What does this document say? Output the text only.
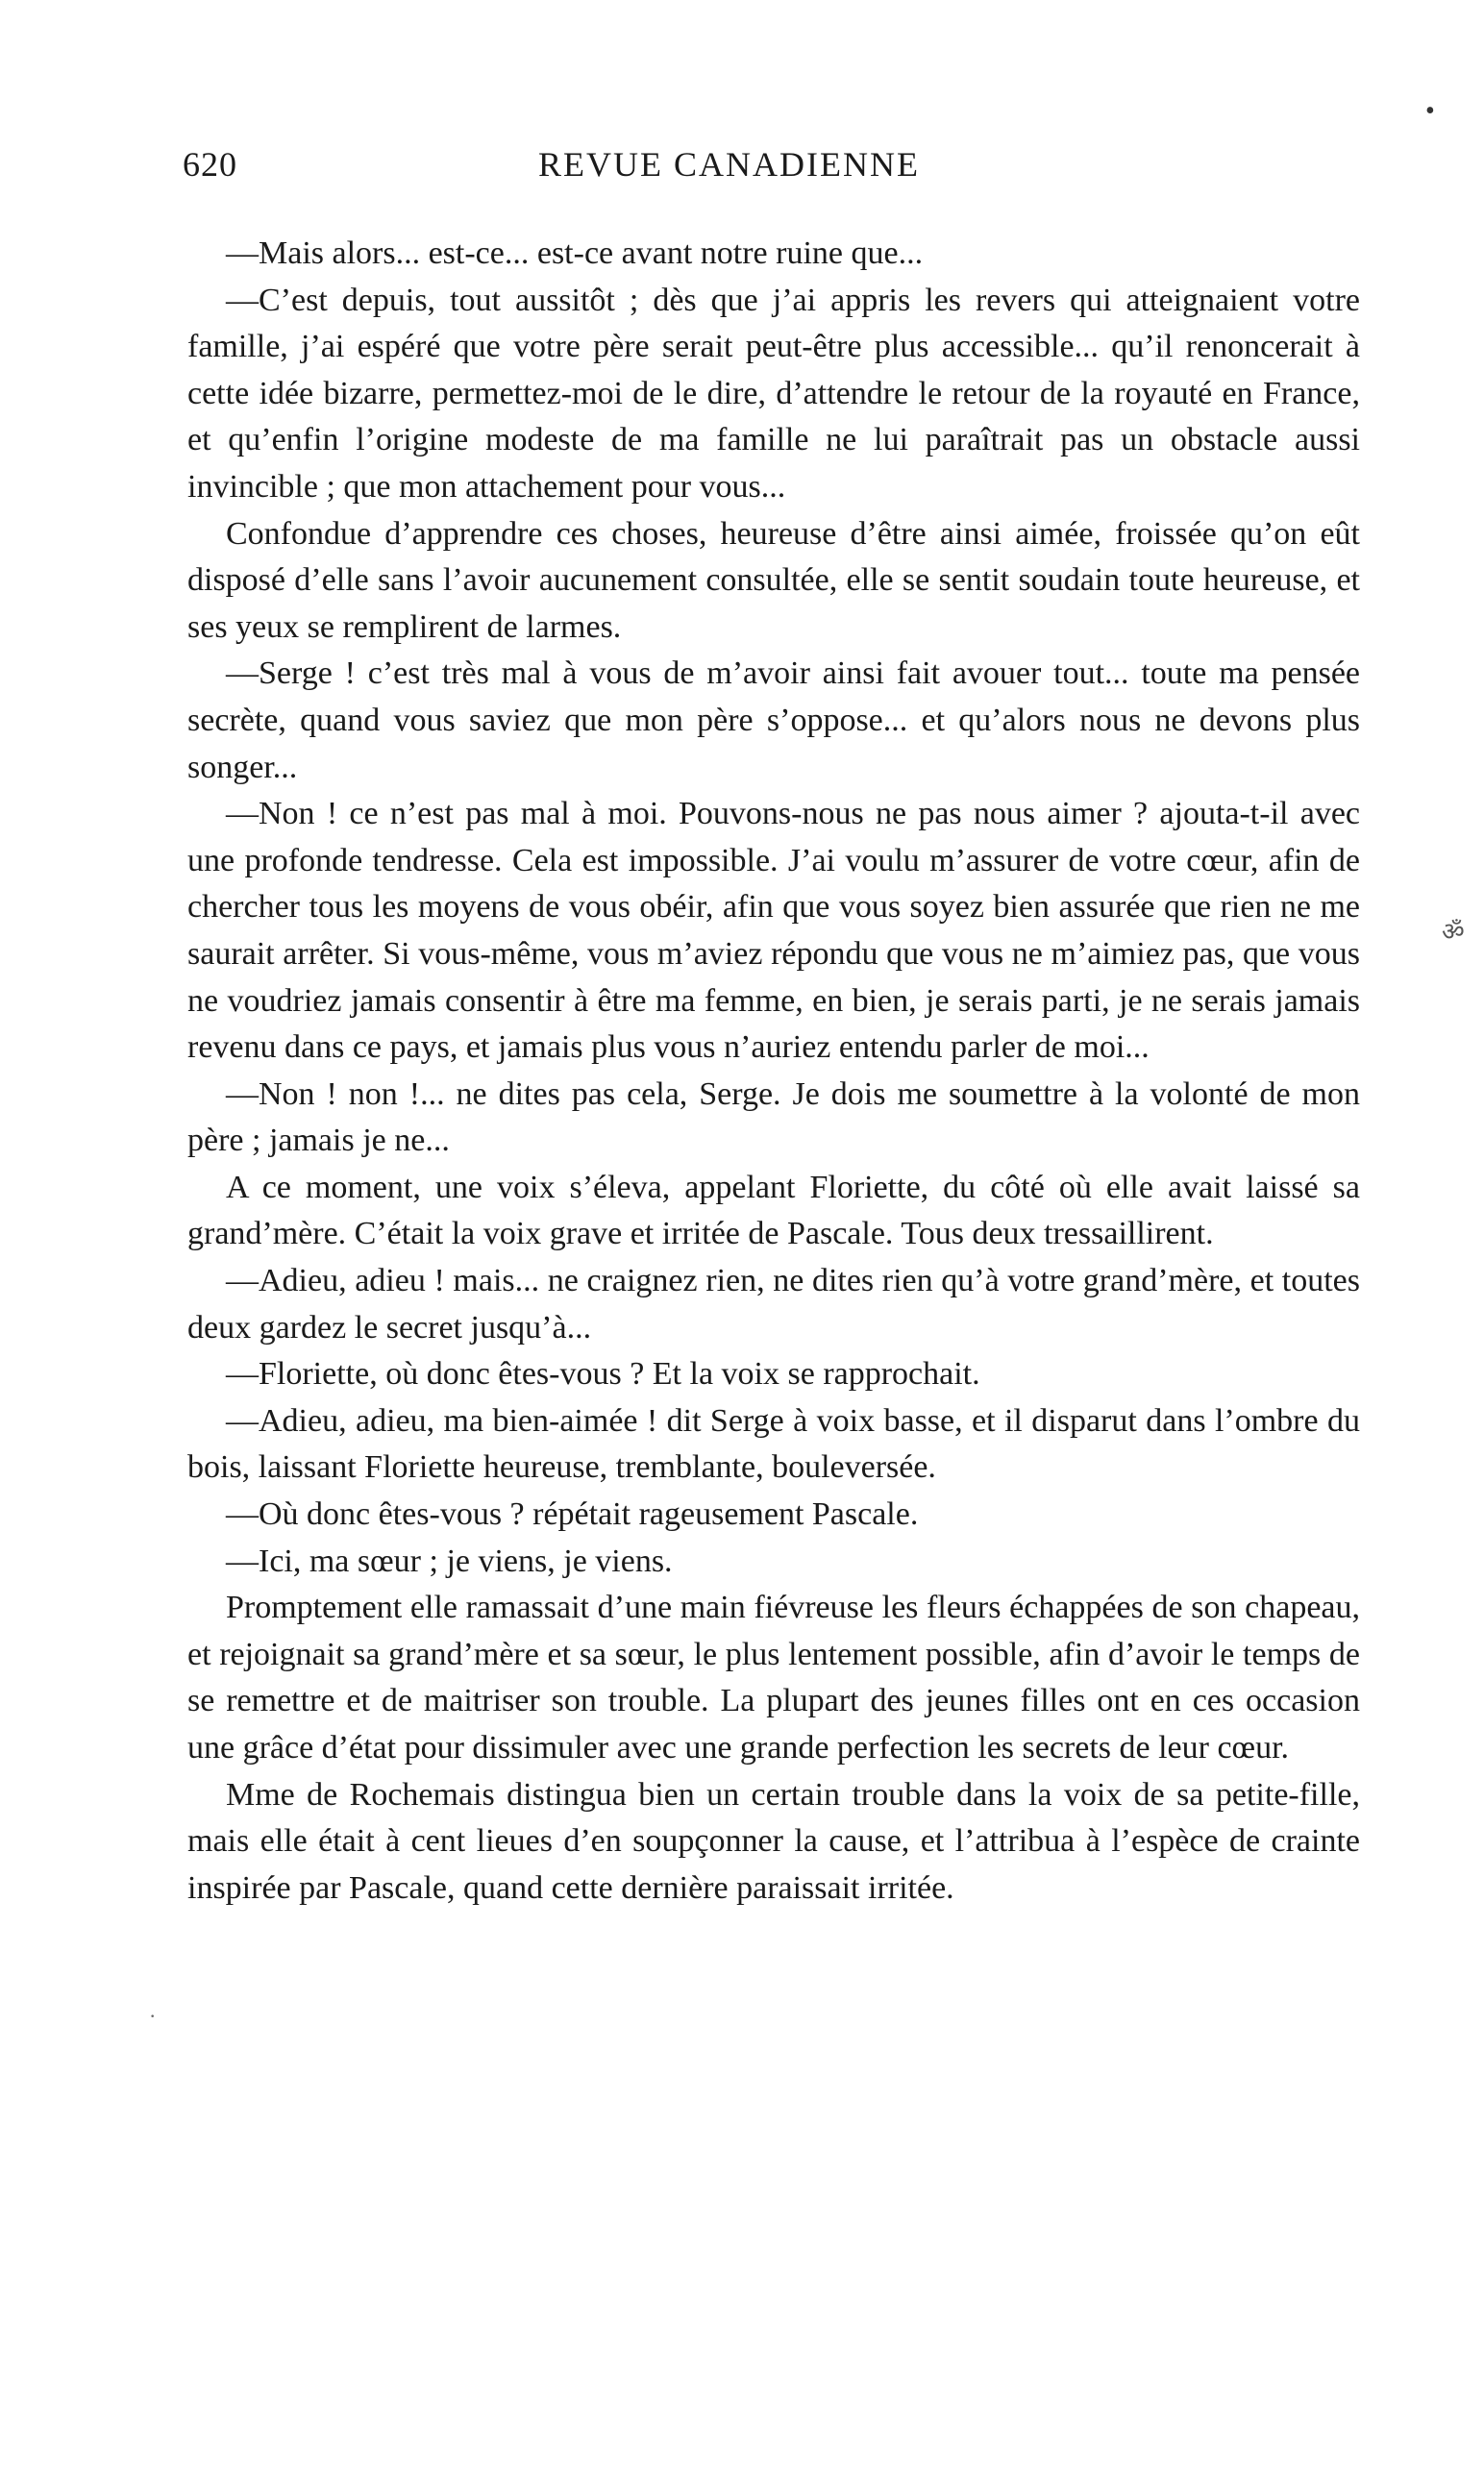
620	REVUE CANADIENNE
•
ॐ
·

—Mais alors... est-ce... est-ce avant notre ruine que...

—C’est depuis, tout aussitôt ; dès que j’ai appris les revers qui atteignaient votre famille, j’ai espéré que votre père serait peut-être plus accessible... qu’il renoncerait à cette idée bizarre, permettez-moi de le dire, d’attendre le retour de la royauté en France, et qu’enfin l’origine modeste de ma famille ne lui paraîtrait pas un obstacle aussi invincible ; que mon attachement pour vous...

Confondue d’apprendre ces choses, heureuse d’être ainsi aimée, froissée qu’on eût disposé d’elle sans l’avoir aucunement consultée, elle se sentit soudain toute heureuse, et ses yeux se remplirent de larmes.

—Serge ! c’est très mal à vous de m’avoir ainsi fait avouer tout... toute ma pensée secrète, quand vous saviez que mon père s’oppose... et qu’alors nous ne devons plus songer...

—Non ! ce n’est pas mal à moi. Pouvons-nous ne pas nous aimer ? ajouta-t-il avec une profonde tendresse. Cela est impossible. J’ai voulu m’assurer de votre cœur, afin de chercher tous les moyens de vous obéir, afin que vous soyez bien assurée que rien ne me saurait arrêter. Si vous-même, vous m’aviez répondu que vous ne m’aimiez pas, que vous ne voudriez jamais consentir à être ma femme, en bien, je serais parti, je ne serais jamais revenu dans ce pays, et jamais plus vous n’auriez entendu parler de moi...

—Non ! non !... ne dites pas cela, Serge. Je dois me soumettre à la volonté de mon père ; jamais je ne...

A ce moment, une voix s’éleva, appelant Floriette, du côté où elle avait laissé sa grand’mère. C’était la voix grave et irritée de Pascale. Tous deux tressaillirent.

—Adieu, adieu ! mais... ne craignez rien, ne dites rien qu’à votre grand’mère, et toutes deux gardez le secret jusqu’à...

—Floriette, où donc êtes-vous ? Et la voix se rapprochait.

—Adieu, adieu, ma bien-aimée ! dit Serge à voix basse, et il disparut dans l’ombre du bois, laissant Floriette heureuse, tremblante, bouleversée.

—Où donc êtes-vous ? répétait rageusement Pascale.

—Ici, ma sœur ; je viens, je viens.

Promptement elle ramassait d’une main fiévreuse les fleurs échappées de son chapeau, et rejoignait sa grand’mère et sa sœur, le plus lentement possible, afin d’avoir le temps de se remettre et de maitriser son trouble. La plupart des jeunes filles ont en ces occasion une grâce d’état pour dissimuler avec une grande perfection les secrets de leur cœur.

Mme de Rochemais distingua bien un certain trouble dans la voix de sa petite-fille, mais elle était à cent lieues d’en soupçonner la cause, et l’attribua à l’espèce de crainte inspirée par Pascale, quand cette dernière paraissait irritée.
